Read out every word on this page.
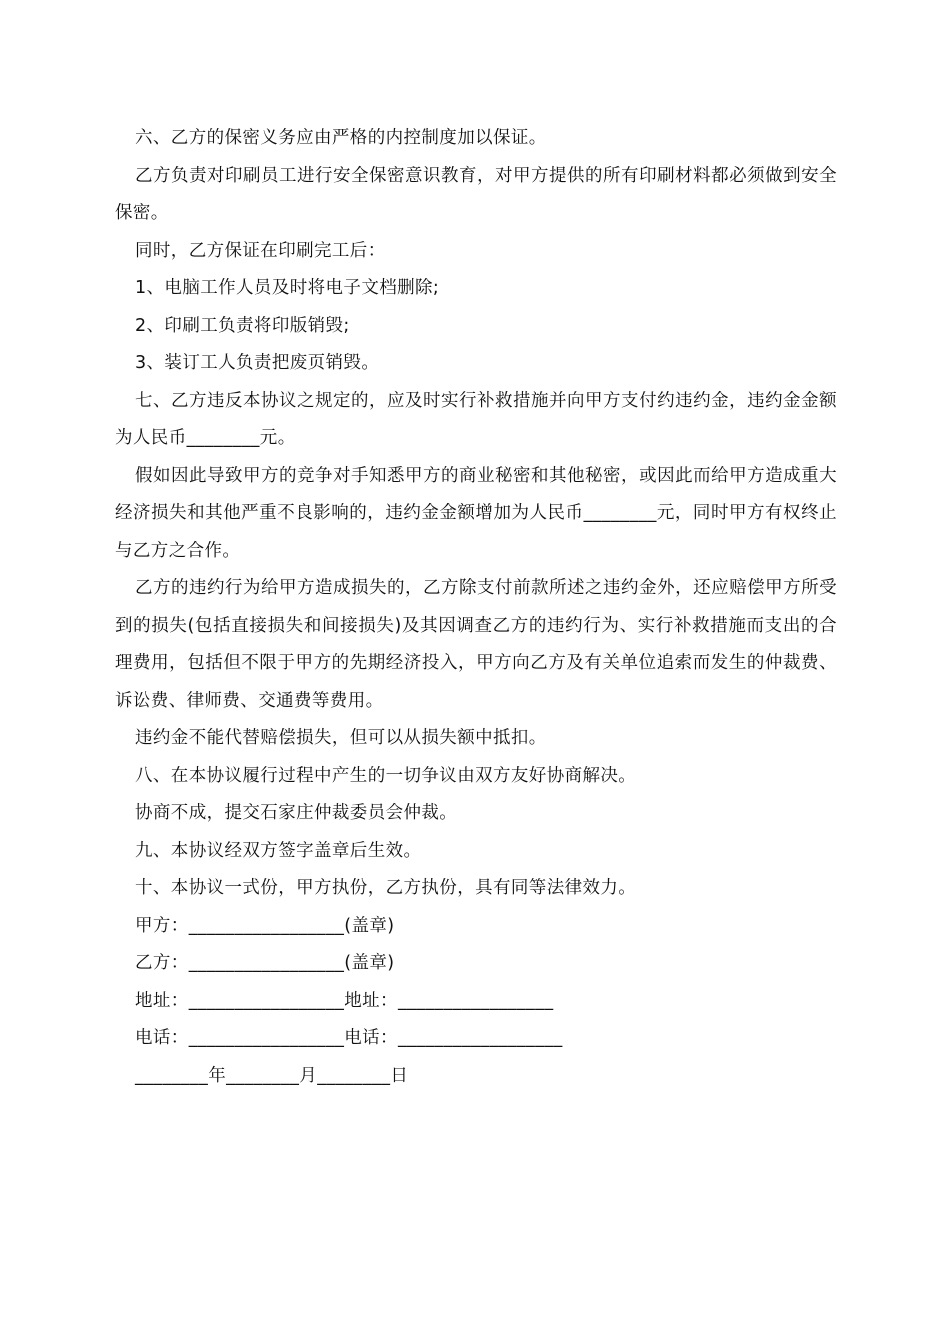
六、乙方的保密义务应由严格的内控制度加以保证。

乙方负责对印刷员工进行安全保密意识教育，对甲方提供的所有印刷材料都必须做到安全保密。

同时，乙方保证在印刷完工后：

1、电脑工作人员及时将电子文档删除;

2、印刷工负责将印版销毁;

3、装订工人负责把废页销毁。

七、乙方违反本协议之规定的，应及时实行补救措施并向甲方支付约违约金，违约金金额为人民币________元。

假如因此导致甲方的竞争对手知悉甲方的商业秘密和其他秘密，或因此而给甲方造成重大经济损失和其他严重不良影响的，违约金金额增加为人民币________元，同时甲方有权终止与乙方之合作。

乙方的违约行为给甲方造成损失的，乙方除支付前款所述之违约金外，还应赔偿甲方所受到的损失(包括直接损失和间接损失)及其因调查乙方的违约行为、实行补救措施而支出的合理费用，包括但不限于甲方的先期经济投入，甲方向乙方及有关单位追索而发生的仲裁费、诉讼费、律师费、交通费等费用。

违约金不能代替赔偿损失，但可以从损失额中抵扣。

八、在本协议履行过程中产生的一切争议由双方友好协商解决。

协商不成，提交石家庄仲裁委员会仲裁。

九、本协议经双方签字盖章后生效。

十、本协议一式份，甲方执份，乙方执份，具有同等法律效力。

甲方：_________________(盖章)

乙方：_________________(盖章)

地址：_________________地址：_________________

电话：_________________电话：__________________

________年________月________日
